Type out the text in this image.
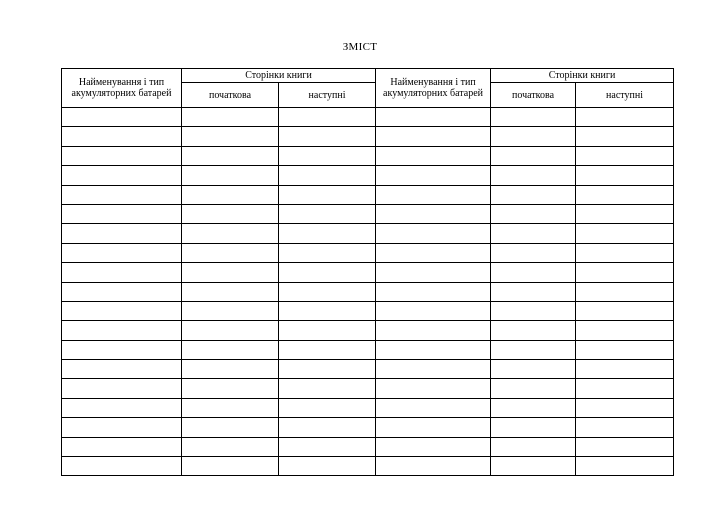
ЗМІСТ
Найменування і тип акумуляторних батарей	Сторінки книги		Найменування і тип акумуляторних батарей	Сторінки книги	
	початкова	наступні		початкова	наступні
